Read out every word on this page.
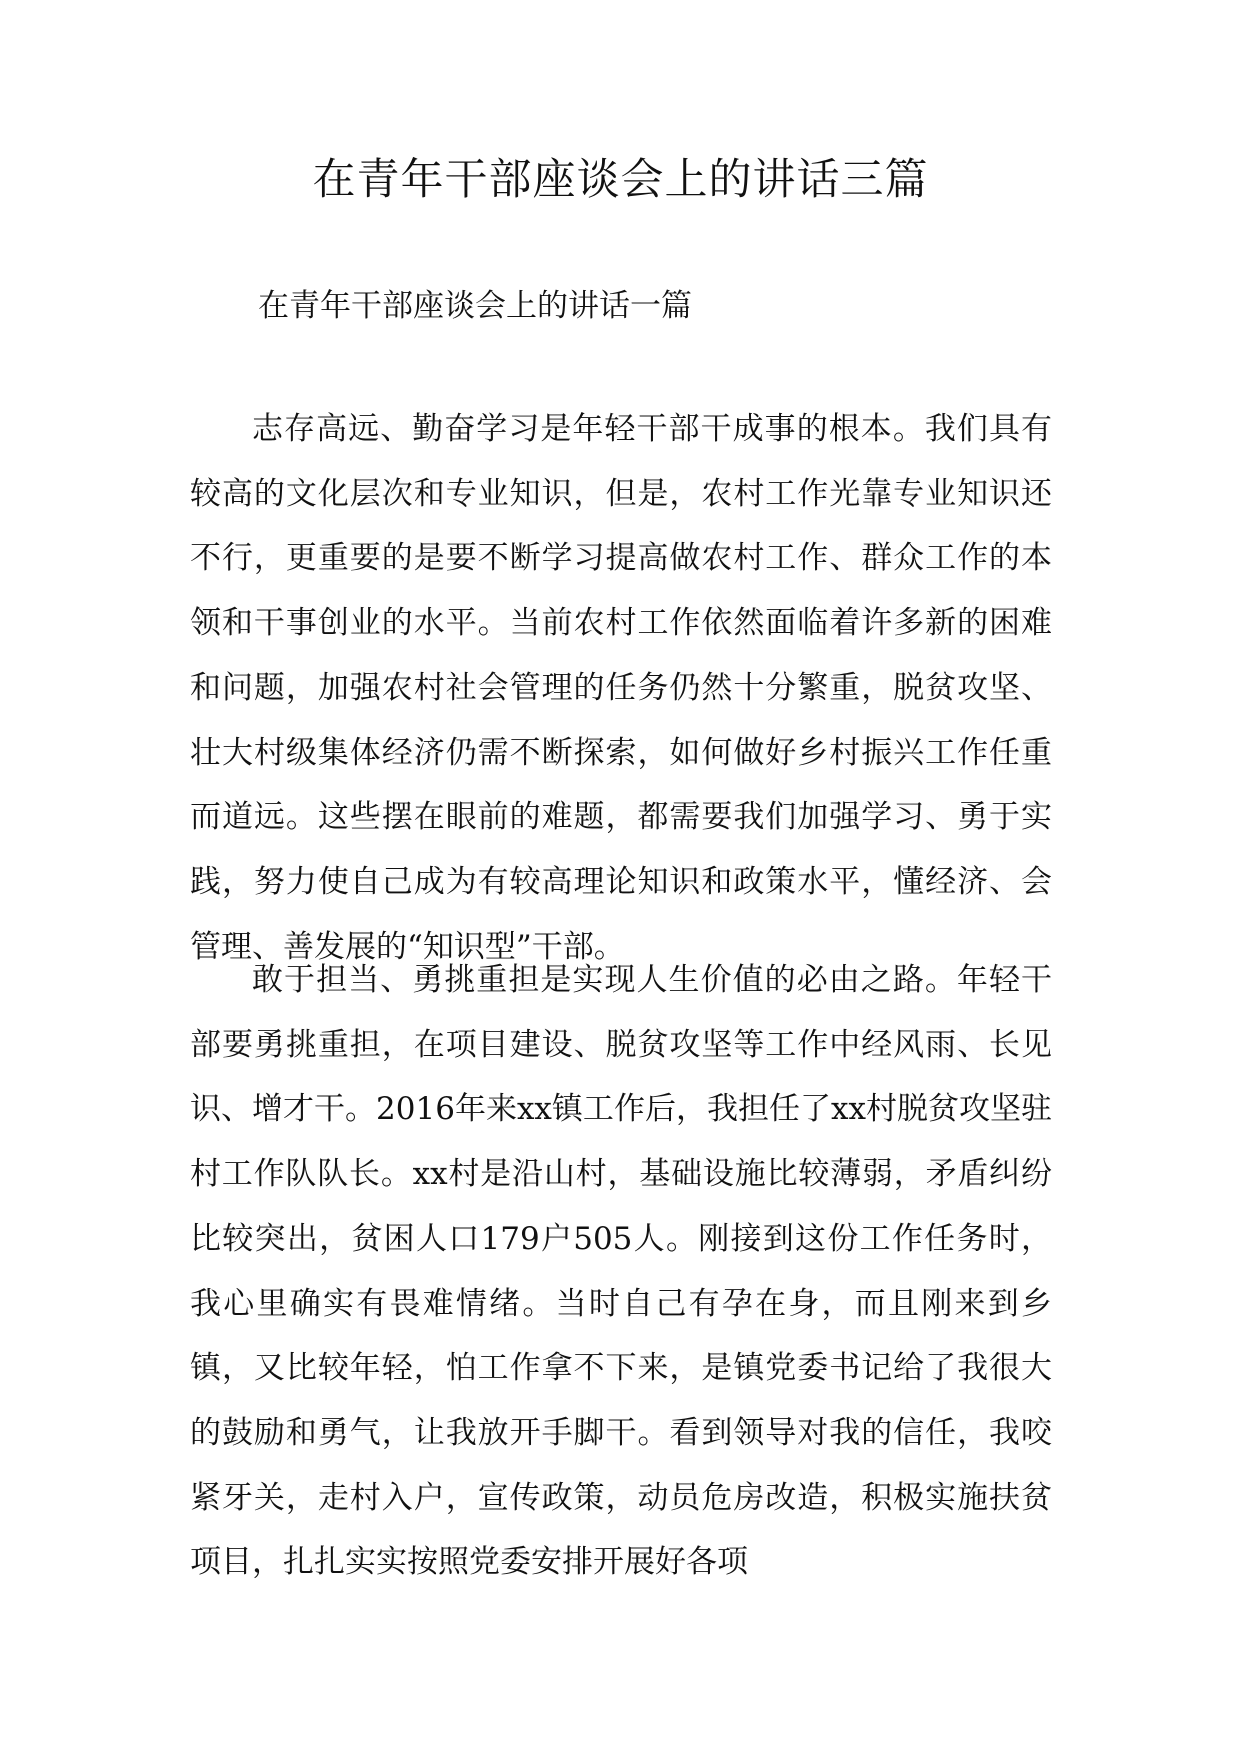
在青年干部座谈会上的讲话三篇
在青年干部座谈会上的讲话一篇

志存高远、勤奋学习是年轻干部干成事的根本。我们具有较高的文化层次和专业知识，但是，农村工作光靠专业知识还不行，更重要的是要不断学习提高做农村工作、群众工作的本领和干事创业的水平。当前农村工作依然面临着许多新的困难和问题，加强农村社会管理的任务仍然十分繁重，脱贫攻坚、壮大村级集体经济仍需不断探索，如何做好乡村振兴工作任重而道远。这些摆在眼前的难题，都需要我们加强学习、勇于实践，努力使自己成为有较高理论知识和政策水平，懂经济、会管理、善发展的“知识型”干部。

敢于担当、勇挑重担是实现人生价值的必由之路。年轻干部要勇挑重担，在项目建设、脱贫攻坚等工作中经风雨、长见识、增才干。2016年来xx镇工作后，我担任了xx村脱贫攻坚驻村工作队队长。xx村是沿山村，基础设施比较薄弱，矛盾纠纷比较突出，贫困人口179户505人。刚接到这份工作任务时，我心里确实有畏难情绪。当时自己有孕在身，而且刚来到乡镇，又比较年轻，怕工作拿不下来，是镇党委书记给了我很大的鼓励和勇气，让我放开手脚干。看到领导对我的信任，我咬紧牙关，走村入户，宣传政策，动员危房改造，积极实施扶贫项目，扎扎实实按照党委安排开展好各项
